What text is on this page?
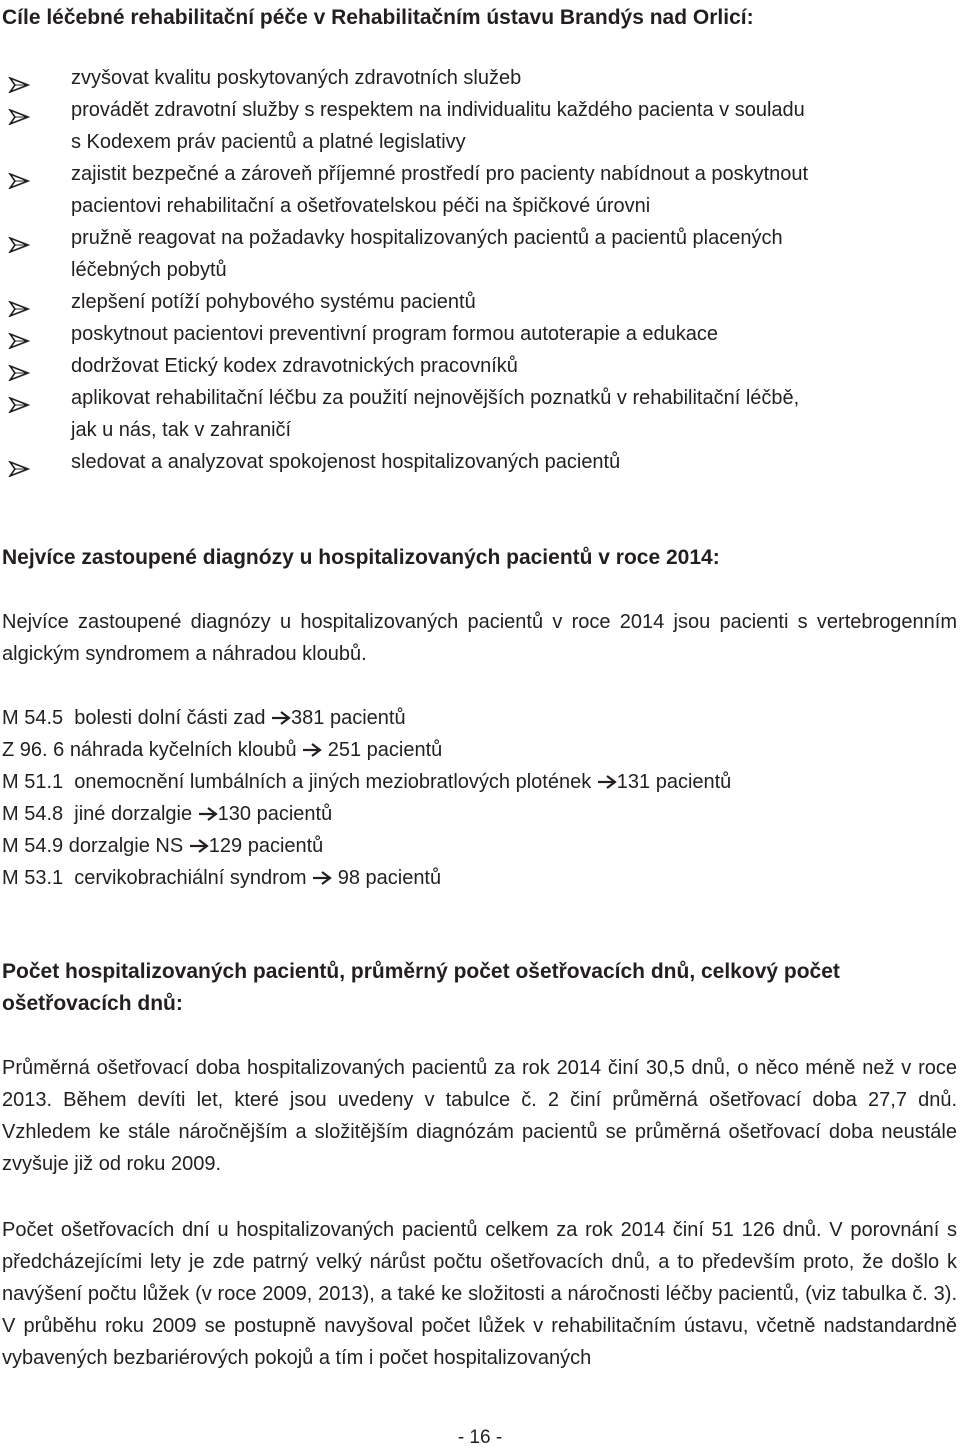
Cíle léčebné rehabilitační péče v Rehabilitačním ústavu Brandýs nad Orlicí:
zvyšovat kvalitu poskytovaných zdravotních služeb
provádět zdravotní služby s respektem na individualitu každého pacienta v souladu
s Kodexem práv pacientů a platné legislativy
zajistit bezpečné a zároveň příjemné prostředí pro pacienty nabídnout a poskytnout
pacientovi rehabilitační a ošetřovatelskou péči na špičkové úrovni
pružně reagovat na požadavky hospitalizovaných pacientů a pacientů placených
léčebných pobytů
zlepšení potíží pohybového systému pacientů
poskytnout pacientovi preventivní program formou autoterapie a edukace
dodržovat Etický kodex zdravotnických pracovníků
aplikovat rehabilitační léčbu za použití nejnovějších poznatků v rehabilitační léčbě,
jak u nás, tak v zahraničí
sledovat a analyzovat spokojenost hospitalizovaných pacientů
Nejvíce zastoupené diagnózy u hospitalizovaných pacientů v roce 2014:

Nejvíce zastoupené diagnózy u hospitalizovaných pacientů v roce 2014 jsou pacienti s vertebrogenním algickým syndromem a náhradou kloubů.

M 54.5  bolesti dolní části zad 381 pacientů
Z 96. 6 náhrada kyčelních kloubů  251 pacientů
M 51.1  onemocnění lumbálních a jiných meziobratlových plotének 131 pacientů
M 54.8  jiné dorzalgie 130 pacientů
M 54.9 dorzalgie NS 129 pacientů
M 53.1  cervikobrachiální syndrom  98 pacientů
Počet hospitalizovaných pacientů, průměrný počet ošetřovacích dnů, celkový počet ošetřovacích dnů:

Průměrná ošetřovací doba hospitalizovaných pacientů za rok 2014 činí 30,5 dnů, o něco méně než v roce 2013. Během devíti let, které jsou uvedeny v tabulce č. 2 činí průměrná ošetřovací doba 27,7 dnů. Vzhledem ke stále náročnějším a složitějším diagnózám pacientů se průměrná ošetřovací doba neustále zvyšuje již od roku 2009.

Počet ošetřovacích dní u hospitalizovaných pacientů celkem za rok 2014 činí 51 126 dnů. V porovnání s předcházejícími lety je zde patrný velký nárůst počtu ošetřovacích dnů, a to především proto, že došlo k navýšení počtu lůžek (v roce 2009, 2013), a také ke složitosti a náročnosti léčby pacientů, (viz tabulka č. 3). V průběhu roku 2009 se postupně navyšoval počet lůžek v rehabilitačním ústavu, včetně nadstandardně vybavených bezbariérových pokojů a tím i počet hospitalizovaných

- 16 -
